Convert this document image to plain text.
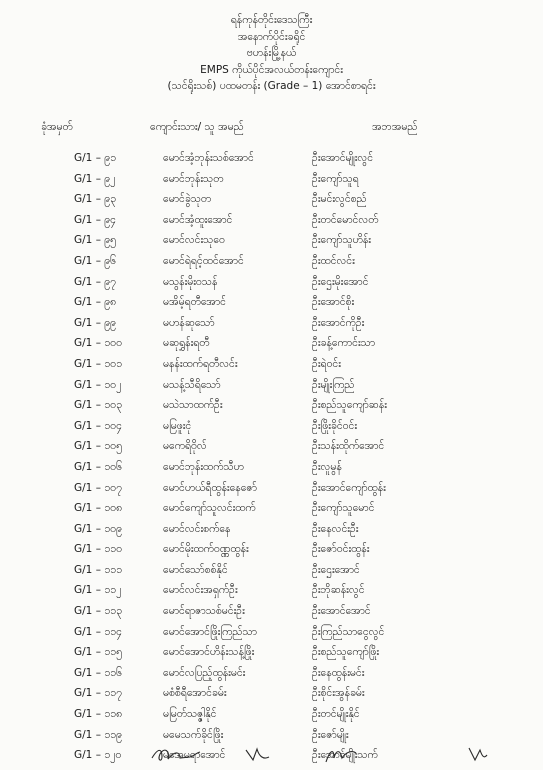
ရန်ကုန်တိုင်းဒေသကြီး
အနောက်ပိုင်းခရိုင်
ဗဟန်းမြို့နယ်
EMPS ကိုယ်ပိုင်အလယ်တန်းကျောင်း
(သင်ရိုးသစ်) ပထမတန်း (Grade – 1) အောင်စာရင်း
ခုံအမှတ်	ကျောင်းသား/ သူ အမည်	အဘအမည်
G/1 – ၉၁	မောင်အံ့ဘုန်းသစ်အောင်	ဦးအောင်မျိုးလွင်
G/1 – ၉၂	မောင်ဘုန်းသုတ	ဦးကျော်သူရ
G/1 – ၉၃	မောင်ခွဲသုတ	ဦးမင်းလွင်စည်
G/1 – ၉၄	မောင်အံ့ထူးအောင်	ဦးတင်မောင်လတ်
G/1 – ၉၅	မောင်လင်းသုဝေ	ဦးကျော်သူဟိန်း
G/1 – ၉၆	မောင်ရဲရင့်ထင်အောင်	ဦးထင်လင်း
G/1 – ၉၇	မသွန်းမိုးဝသန်	ဦးဌေးမိုးအောင်
G/1 – ၉၈	မအိမ့်ရတီအောင်	ဦးအောင်စိုး
G/1 – ၉၉	မဟန်ဆုသော်	ဦးအောင်ကိုဦး
G/1 – ၁၀၀	မဆုရွှန်းရတီ	ဦးခန့်ကောင်းသာ
G/1 – ၁၀၁	မနန်းထက်ရတီလင်း	ဦးရဲဝင်း
G/1 – ၁၀၂	မသန့်သီရိသော်	ဦးမျိုးကြည်
G/1 – ၁၀၃	မသဲသာထက်ဦး	ဦးစည်သူကျော်ဆန်း
G/1 – ၁၀၄	မမြဖူးငုံ	ဦးဖြိုးခိုင်ဝင်း
G/1 – ၁၀၅	မကေရိဝိုလ်	ဦးသန်းထိုက်အောင်
G/1 – ၁၀၆	မောင်ဘုန်းထက်သီဟ	ဦးလူမွန်
G/1 – ၁၀၇	မောင်ဟယ်ရီထွန်းနေဇော်	ဦးအောင်ကျော်ထွန်း
G/1 – ၁၀၈	မောင်ကျော်သူလင်းထက်	ဦးကျော်သူမောင်
G/1 – ၁၀၉	မောင်လင်းစက်နေ	ဦးနေလင်းဦး
G/1 – ၁၁၀	မောင်မိုးထက်ဝဏ္ဏထွန်း	ဦးဇော်ဝင်းထွန်း
G/1 – ၁၁၁	မောင်သော်စစ်နိုင်	ဦးဌေးအောင်
G/1 – ၁၁၂	မောင်လင်းအရှက်ဦး	ဦးဘိုဆန်းလွင်
G/1 – ၁၁၃	မောင်ရာဇာသစ်မင်းဦး	ဦးအောင်အောင်
G/1 – ၁၁၄	မောင်အောင်ဖြိုးကြည်သာ	ဦးကြည်သာငွေလွင်
G/1 – ၁၁၅	မောင်အောင်ဟိန်းသန့်ဖြိုး	ဦးစည်သူကျော်ဖြိုး
G/1 – ၁၁၆	မောင်လပြည့်ထွန်းမင်း	ဦးနေထွန်းမင်း
G/1 – ၁၁၇	မစံစီရီအောင်ခမ်း	ဦးစိုင်းအွန်ခမ်း
G/1 – ၁၁၈	မမြတ်သဇ္ဇါနိုင်	ဦးတင်မျိုးနိုင်
G/1 – ၁၁၉	မမေသက်ခိုင်ဖြိုး	ဦးဇော်မျိုး
G/1 – ၁၂၀	မအေမရာအောင်	ဦးအောင်မျိုးသက်
